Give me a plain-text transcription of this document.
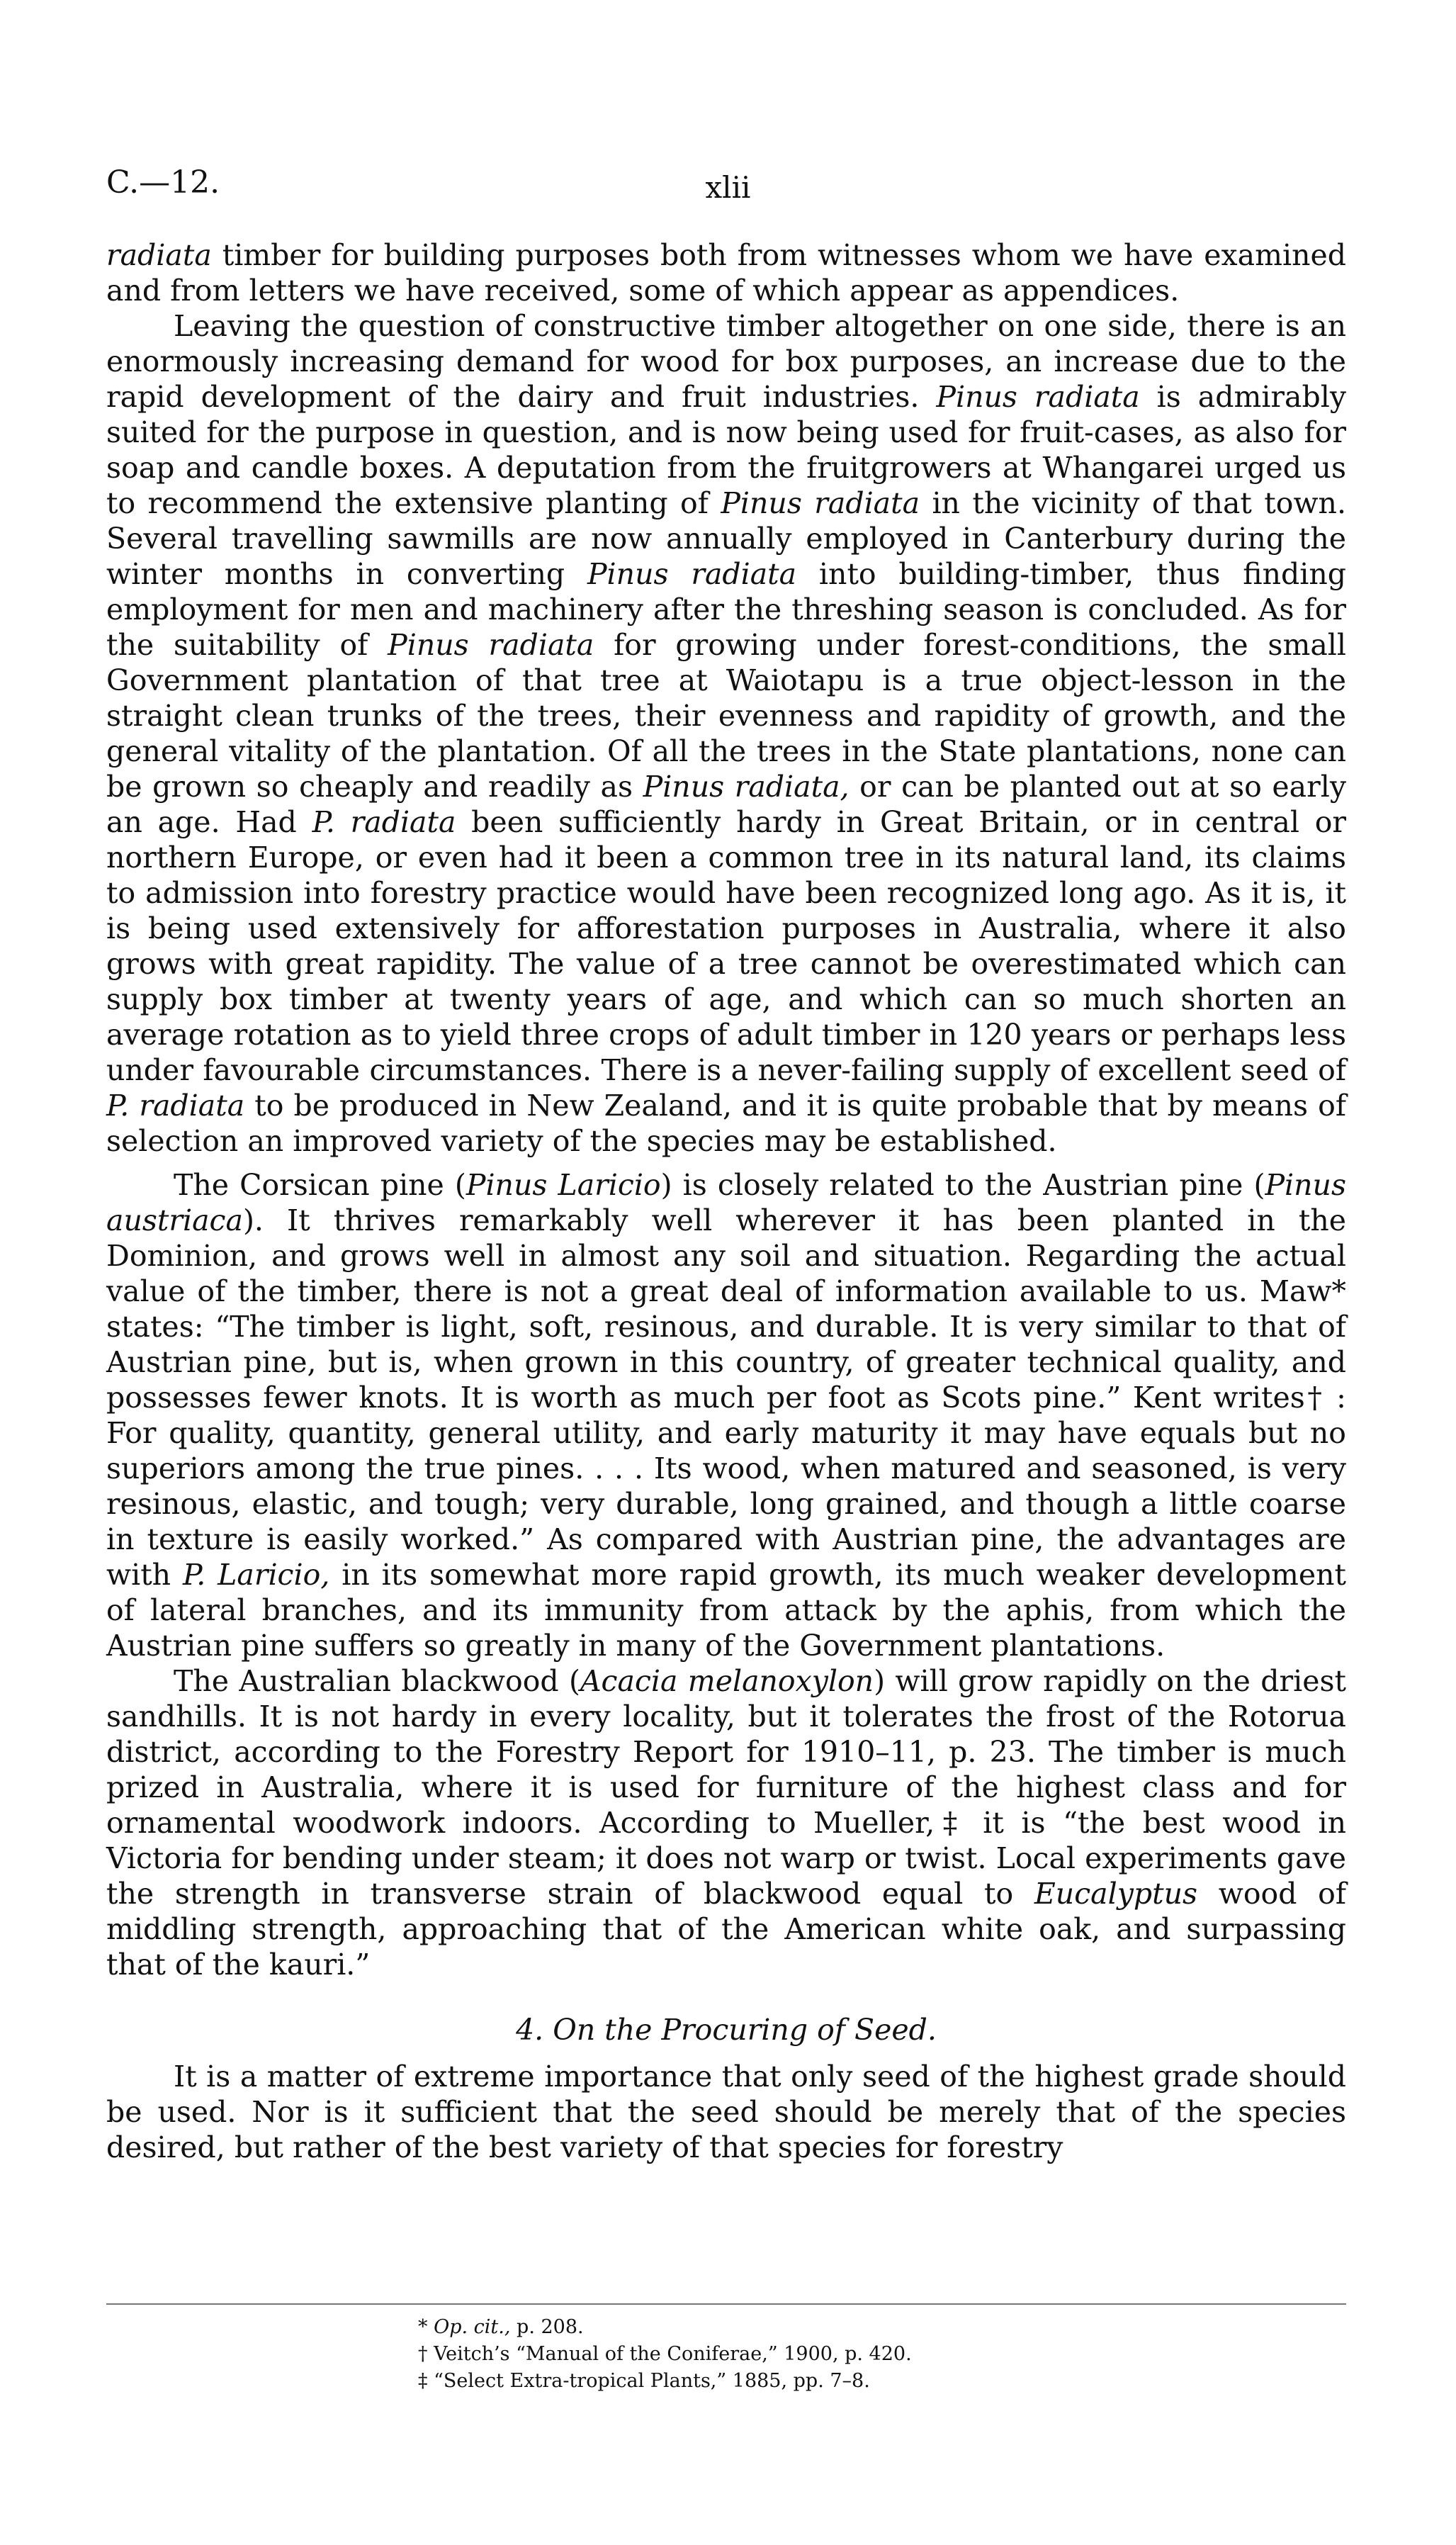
C.—12.	xlii

radiata timber for building purposes both from witnesses whom we have examined and from letters we have received, some of which appear as appendices.

Leaving the question of constructive timber altogether on one side, there is an enormously increasing demand for wood for box purposes, an increase due to the rapid development of the dairy and fruit industries. Pinus radiata is admirably suited for the purpose in question, and is now being used for fruit-cases, as also for soap and candle boxes. A deputation from the fruitgrowers at Whangarei urged us to recommend the extensive planting of Pinus radiata in the vicinity of that town. Several travelling sawmills are now annually employed in Canterbury during the winter months in converting Pinus radiata into building-timber, thus finding employment for men and machinery after the threshing season is concluded. As for the suitability of Pinus radiata for growing under forest-conditions, the small Government plantation of that tree at Waiotapu is a true object-lesson in the straight clean trunks of the trees, their evenness and rapidity of growth, and the general vitality of the plantation. Of all the trees in the State plantations, none can be grown so cheaply and readily as Pinus radiata, or can be planted out at so early an age. Had P. radiata been sufficiently hardy in Great Britain, or in central or northern Europe, or even had it been a common tree in its natural land, its claims to admission into forestry practice would have been recognized long ago. As it is, it is being used extensively for afforestation purposes in Australia, where it also grows with great rapidity. The value of a tree cannot be overestimated which can supply box timber at twenty years of age, and which can so much shorten an average rotation as to yield three crops of adult timber in 120 years or perhaps less under favourable circumstances. There is a never-failing supply of excellent seed of P. radiata to be produced in New Zealand, and it is quite probable that by means of selection an improved variety of the species may be established.

The Corsican pine (Pinus Laricio) is closely related to the Austrian pine (Pinus austriaca). It thrives remarkably well wherever it has been planted in the Dominion, and grows well in almost any soil and situation. Regarding the actual value of the timber, there is not a great deal of information available to us. Maw* states: “The timber is light, soft, resinous, and durable. It is very similar to that of Austrian pine, but is, when grown in this country, of greater technical quality, and possesses fewer knots. It is worth as much per foot as Scots pine.” Kent writes† : For quality, quantity, general utility, and early maturity it may have equals but no superiors among the true pines. . . . Its wood, when matured and seasoned, is very resinous, elastic, and tough; very durable, long grained, and though a little coarse in texture is easily worked.” As compared with Austrian pine, the advantages are with P. Laricio, in its somewhat more rapid growth, its much weaker development of lateral branches, and its immunity from attack by the aphis, from which the Austrian pine suffers so greatly in many of the Government plantations.

The Australian blackwood (Acacia melanoxylon) will grow rapidly on the driest sandhills. It is not hardy in every locality, but it tolerates the frost of the Rotorua district, according to the Forestry Report for 1910–11, p. 23. The timber is much prized in Australia, where it is used for furniture of the highest class and for ornamental woodwork indoors. According to Mueller,‡ it is “the best wood in Victoria for bending under steam; it does not warp or twist. Local experiments gave the strength in transverse strain of blackwood equal to Eucalyptus wood of middling strength, approaching that of the American white oak, and surpassing that of the kauri.”

4. On the Procuring of Seed.

It is a matter of extreme importance that only seed of the highest grade should be used. Nor is it sufficient that the seed should be merely that of the species desired, but rather of the best variety of that species for forestry

* Op. cit., p. 208.
† Veitch’s “Manual of the Coniferae,” 1900, p. 420.
‡ “Select Extra-tropical Plants,” 1885, pp. 7–8.
